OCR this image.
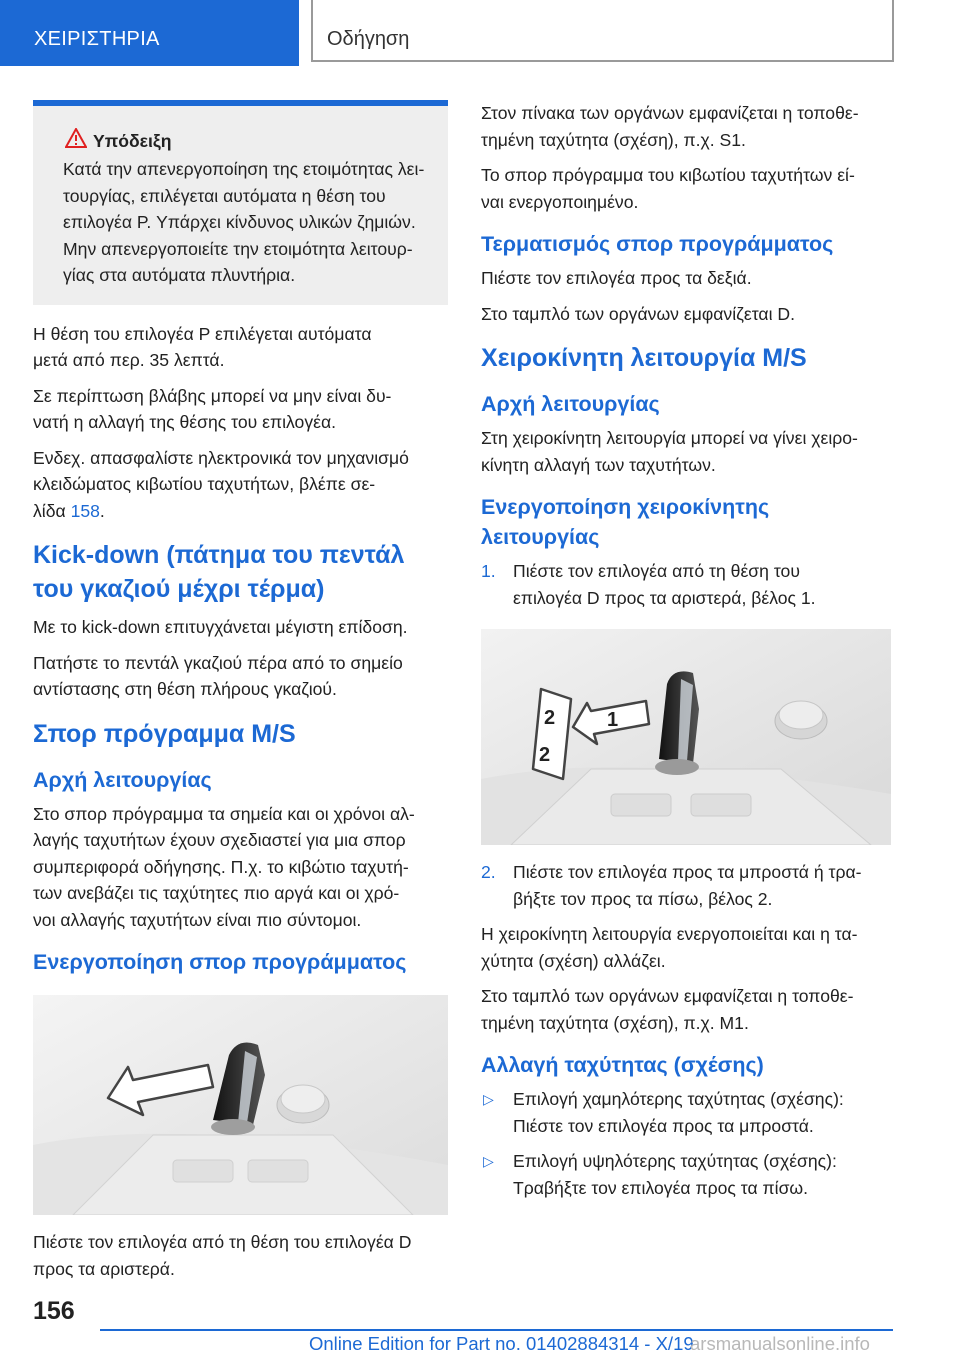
ΧΕΙΡΙΣΤΗΡΙΑ	Οδήγηση
Υπόδειξη
Κατά την απενεργοποίηση της ετοιμότητας λει-
τουργίας, επιλέγεται αυτόματα η θέση του
επιλογέα P. Υπάρχει κίνδυνος υλικών ζημιών.
Μην απενεργοποιείτε την ετοιμότητα λειτουρ-
γίας στα αυτόματα πλυντήρια.
Η θέση του επιλογέα P επιλέγεται αυτόματα
μετά από περ. 35 λεπτά.
Σε περίπτωση βλάβης μπορεί να μην είναι δυ-
νατή η αλλαγή της θέσης του επιλογέα.
Ενδεχ. απασφαλίστε ηλεκτρονικά τον μηχανισμό
κλειδώματος κιβωτίου ταχυτήτων, βλέπε σε-
λίδα 158.
Kick-down (πάτημα του πεντάλ
του γκαζιού μέχρι τέρμα)
Με το kick-down επιτυγχάνεται μέγιστη επίδοση.
Πατήστε το πεντάλ γκαζιού πέρα από το σημείο
αντίστασης στη θέση πλήρους γκαζιού.
Σπορ πρόγραμμα M/S
Αρχή λειτουργίας
Στο σπορ πρόγραμμα τα σημεία και οι χρόνοι αλ-
λαγής ταχυτήτων έχουν σχεδιαστεί για μια σπορ
συμπεριφορά οδήγησης. Π.χ. το κιβώτιο ταχυτή-
των ανεβάζει τις ταχύτητες πιο αργά και οι χρό-
νοι αλλαγής ταχυτήτων είναι πιο σύντομοι.
Ενεργοποίηση σπορ προγράμματος
Πιέστε τον επιλογέα από τη θέση του επιλογέα D
προς τα αριστερά.
Στον πίνακα των οργάνων εμφανίζεται η τοποθε-
τημένη ταχύτητα (σχέση), π.χ. S1.
Το σπορ πρόγραμμα του κιβωτίου ταχυτήτων εί-
ναι ενεργοποιημένο.
Τερματισμός σπορ προγράμματος
Πιέστε τον επιλογέα προς τα δεξιά.
Στο ταμπλό των οργάνων εμφανίζεται D.
Χειροκίνητη λειτουργία M/S
Αρχή λειτουργίας
Στη χειροκίνητη λειτουργία μπορεί να γίνει χειρο-
κίνητη αλλαγή των ταχυτήτων.
Ενεργοποίηση χειροκίνητης
λειτουργίας
1. Πιέστε τον επιλογέα από τη θέση του
επιλογέα D προς τα αριστερά, βέλος 1.
2	1
2
2. Πιέστε τον επιλογέα προς τα μπροστά ή τρα-
βήξτε τον προς τα πίσω, βέλος 2.
Η χειροκίνητη λειτουργία ενεργοποιείται και η τα-
χύτητα (σχέση) αλλάζει.
Στο ταμπλό των οργάνων εμφανίζεται η τοποθε-
τημένη ταχύτητα (σχέση), π.χ. M1.
Αλλαγή ταχύτητας (σχέσης)
▷ Επιλογή χαμηλότερης ταχύτητας (σχέσης):
Πιέστε τον επιλογέα προς τα μπροστά.
▷ Επιλογή υψηλότερης ταχύτητας (σχέσης):
Τραβήξτε τον επιλογέα προς τα πίσω.
156
Online Edition for Part no. 01402884314 - X/19
arsmanualsonline.info
